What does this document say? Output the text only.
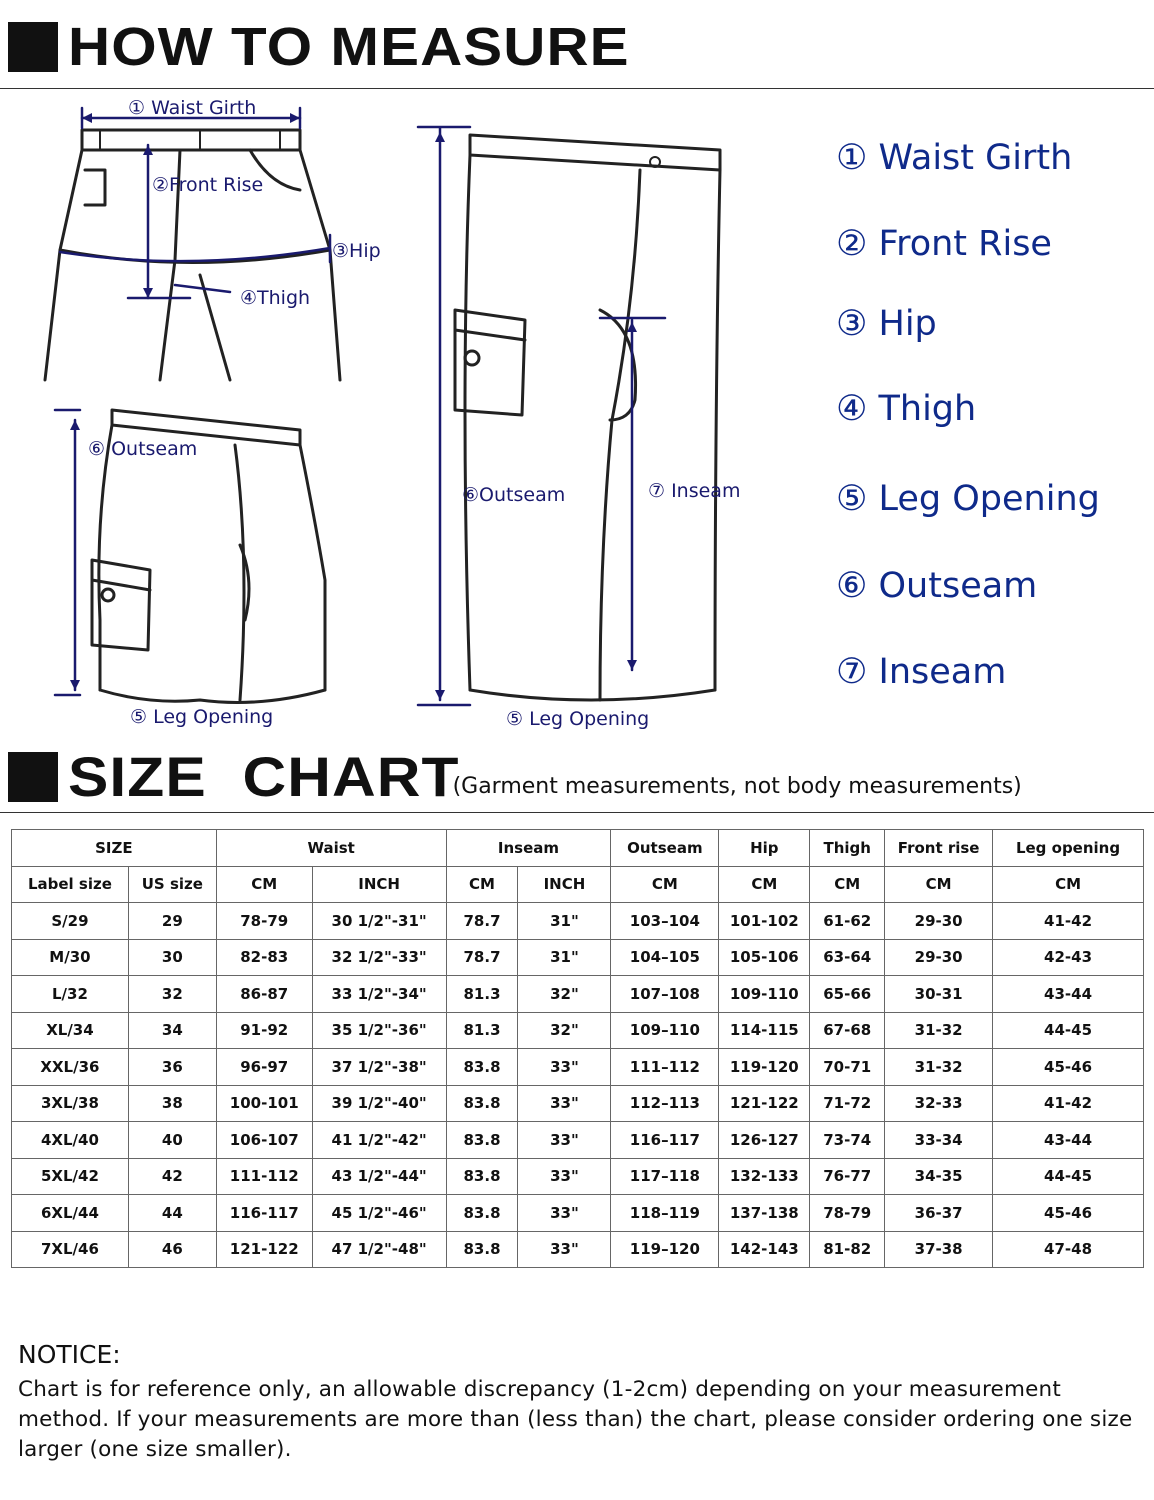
HOW TO MEASURE
① Waist Girth
②Front Rise
③Hip
④Thigh
⑥ Outseam
⑤ Leg Opening
⑥Outseam	⑦ Inseam
⑤ Leg Opening
① Waist Girth
② Front Rise
③ Hip
④ Thigh
⑤ Leg Opening
⑥ Outseam
⑦ Inseam
SIZE  CHART
(Garment measurements, not body measurements)
SIZE		Waist		Inseam		Outseam	Hip	Thigh	Front rise	Leg opening
Label size	US size	CM	INCH	CM	INCH	CM	CM	CM	CM	CM
S/29	29	78-79	30 1/2"-31"	78.7	31"	103–104	101-102	61-62	29-30	41-42
M/30	30	82-83	32 1/2"-33"	78.7	31"	104–105	105-106	63-64	29-30	42-43
L/32	32	86-87	33 1/2"-34"	81.3	32"	107–108	109-110	65-66	30-31	43-44
XL/34	34	91-92	35 1/2"-36"	81.3	32"	109–110	114-115	67-68	31-32	44-45
XXL/36	36	96-97	37 1/2"-38"	83.8	33"	111–112	119-120	70-71	31-32	45-46
3XL/38	38	100-101	39 1/2"-40"	83.8	33"	112–113	121-122	71-72	32-33	41-42
4XL/40	40	106-107	41 1/2"-42"	83.8	33"	116–117	126-127	73-74	33-34	43-44
5XL/42	42	111-112	43 1/2"-44"	83.8	33"	117–118	132-133	76-77	34-35	44-45
6XL/44	44	116-117	45 1/2"-46"	83.8	33"	118–119	137-138	78-79	36-37	45-46
7XL/46	46	121-122	47 1/2"-48"	83.8	33"	119–120	142-143	81-82	37-38	47-48
NOTICE:
Chart is for reference only, an allowable discrepancy (1-2cm) depending on your measurement method. If your measurements are more than (less than) the chart, please consider ordering one size larger (one size smaller).
